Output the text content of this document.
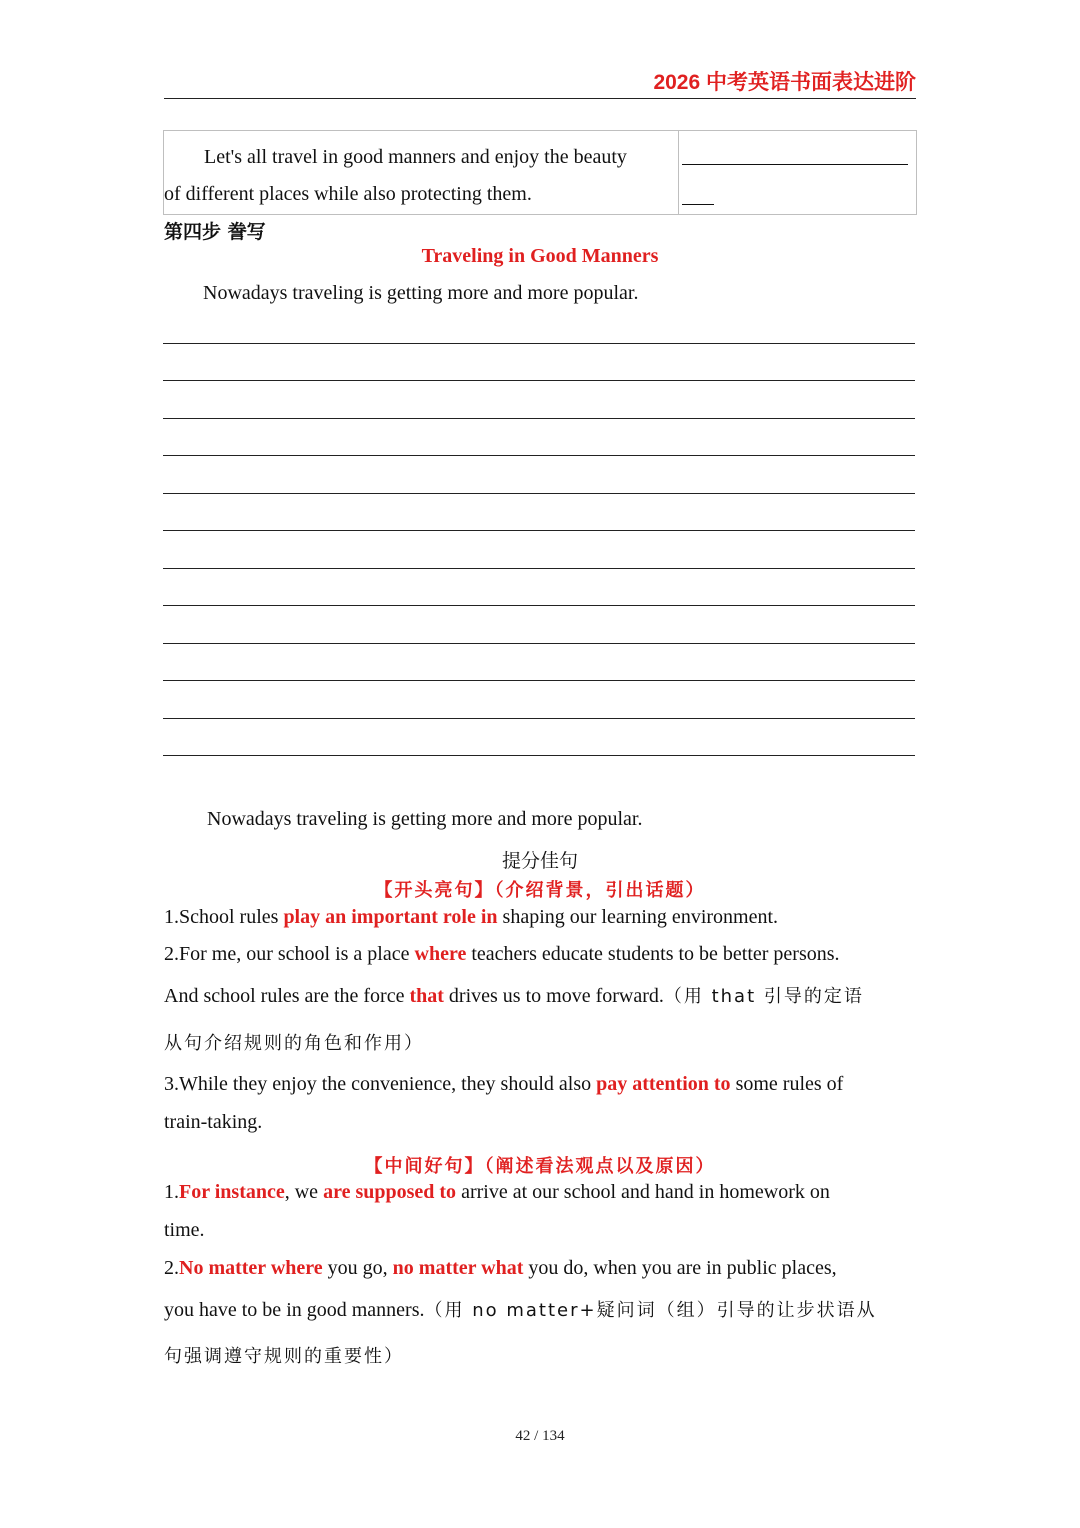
2026 中考英语书面表达进阶
Let's all travel in good manners and enjoy the beauty
of different places while also protecting them.
第四步 誊写
Traveling in Good Manners
Nowadays traveling is getting more and more popular.
Nowadays traveling is getting more and more popular.
提分佳句
【开头亮句】（介绍背景，引出话题）
1.School rules play an important role in shaping our learning environment.
2.For me, our school is a place where teachers educate students to be better persons.
And school rules are the force that drives us to move forward.（用 that 引导的定语
从句介绍规则的角色和作用）
3.While they enjoy the convenience, they should also pay attention to some rules of
train-taking.
【中间好句】（阐述看法观点以及原因）
1.For instance, we are supposed to arrive at our school and hand in homework on
time.
2.No matter where you go, no matter what you do, when you are in public places,
you have to be in good manners.（用 no matter+疑问词（组）引导的让步状语从
句强调遵守规则的重要性）
42 / 134
